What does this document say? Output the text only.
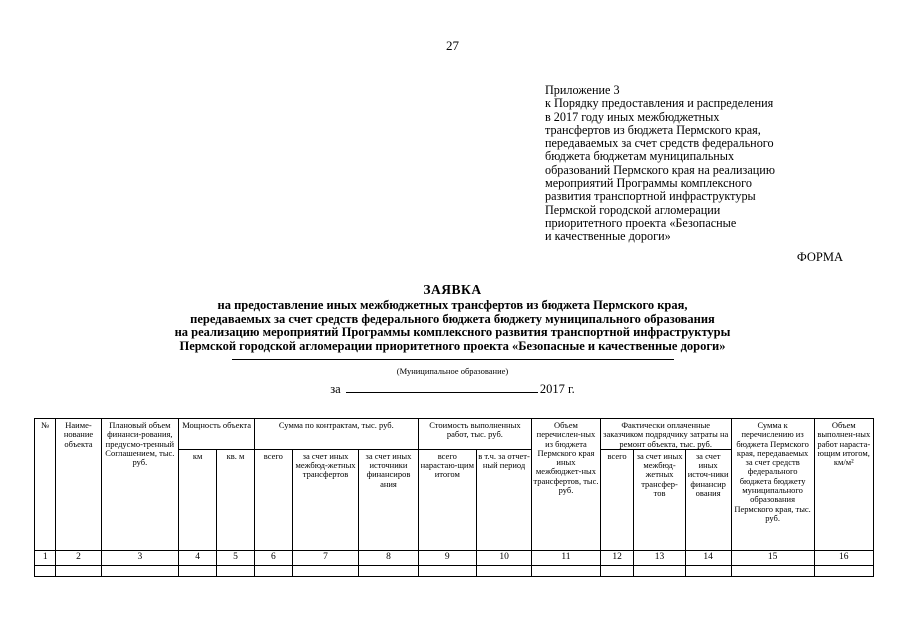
27
Приложение 3
к Порядку предоставления и распределения
в 2017 году иных межбюджетных
трансфертов из бюджета Пермского края,
передаваемых за счет средств федерального
бюджета бюджетам муниципальных
образований Пермского края на реализацию
мероприятий Программы комплексного
развития транспортной инфраструктуры
Пермской городской агломерации
приоритетного проекта «Безопасные
и качественные дороги»
ФОРМА
ЗАЯВКА
на предоставление иных межбюджетных трансфертов из бюджета Пермского края,
передаваемых за счет средств федерального бюджета бюджету муниципального образования
на реализацию мероприятий Программы комплексного развития транспортной инфраструктуры
Пермской городской агломерации приоритетного проекта «Безопасные и качественные дороги»
(Муниципальное образование)
за	2017 г.
№	Наиме-нование объекта	Плановый объем финанси-рования, предусмо-тренный Соглашением, тыс. руб.	Мощность объекта		Сумма по контрактам, тыс. руб.			Стоимость выполненных работ, тыс. руб.		Объем перечислен-ных из бюджета Пермского края иных межбюджет-ных трансфертов, тыс. руб.	Фактически оплаченные заказчиком подрядчику затраты на ремонт объекта, тыс. руб.			Сумма к перечислению из бюджета Пермского края, передаваемых за счет средств федерального бюджета бюджету муниципального образования Пермского края, тыс. руб.	Объем выполнен-ных работ нараста-ющим итогом, км/м²
			км	кв. м	всего	за счет иных межбюд-жетных трансфертов	за счет иных источники финансиров ания	всего нарастаю-щим итогом	в т.ч. за отчет-ный период		всего	за счет иных межбюд-жетных трансфер-тов	за счет иных источ-ники финансир ования		
1	2	3	4	5	6	7	8	9	10	11	12	13	14	15	16
